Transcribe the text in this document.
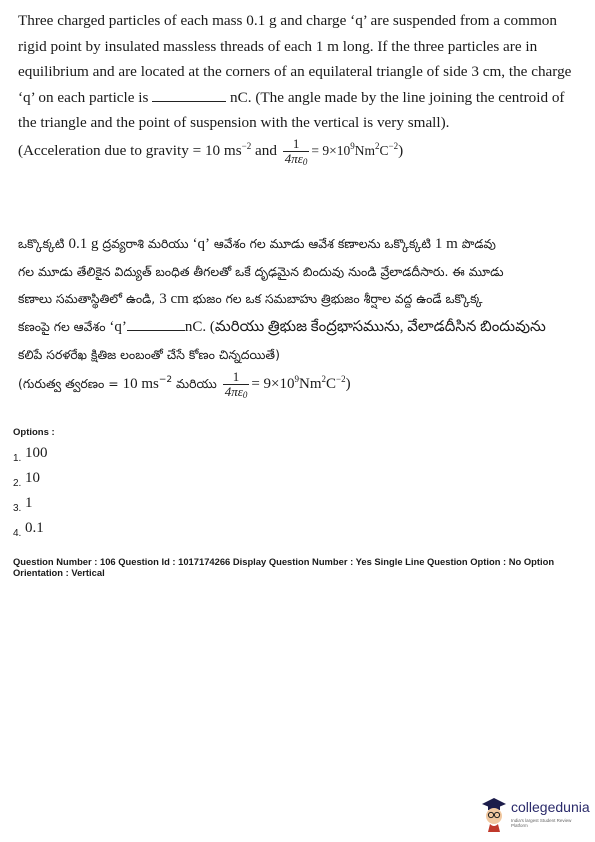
Three charged particles of each mass 0.1 g and charge ‘q’ are suspended from a common

rigid point by insulated massless threads of each 1 m long. If the three particles are in

equilibrium and are located at the corners of an equilateral triangle of side 3 cm, the charge

‘q’ on each particle is	nC. (The angle made by the line joining the centroid of

the triangle and the point of suspension with the vertical is very small).

(Acceleration due to gravity = 10 $ms^{-2}$ and $\frac{1}{4\pi\varepsilon_0} = 9\times 10^9Nm^2C^{-2}$)

ఒక్కొక్కటి 0.1 g ద్రవ్యరాశి మరియు ‘q’ ఆవేశం గల మూడు ఆవేశ కణాలను ఒక్కొక్కటి 1 m పొడవు

గల మూడు తేలికైన విద్యుత్ బంధిత తీగలతో ఒకే దృఢమైన బిందువు నుండి వ్రేలాడదీసారు. ఈ మూడు

కణాలు సమతాస్థితిలో ఉండి, 3 cm భుజం గల ఒక సమబాహు త్రిభుజం శీర్షాల వద్ద ఉండే ఒక్కొక్క

కణంపై గల ఆవేశం ‘q’	nC. (మరియు త్రిభుజ కేంద్రభాసమును, వేలాడదీసిన బిందువును

కలిపే సరళరేఖ క్షితిజ లంబంతో చేసే కోణం చిన్నదయితే)

(గురుత్వ త్వరణం = 10 $ms^{-2}$ మరియు $\frac{1}{4\pi\varepsilon_0} = 9\times 10^9Nm^2C^{-2}$)

Options :
1. 100
2. 10
3. 1
4. 0.1
Question Number : 106 Question Id : 1017174266 Display Question Number : Yes Single Line Question Option : No Option
Orientation : Vertical
collegedunia
India's largest Student Review Platform
